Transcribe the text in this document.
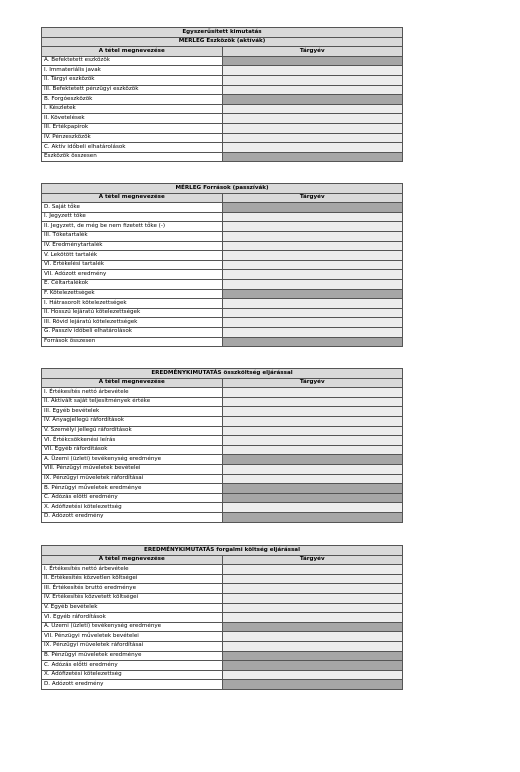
Egyszerűsített kimutatás	
MÉRLEG Eszközök (aktívák)	
A tétel megnevezése	Tárgyév
A. Befektetett eszközök	
I. Immateriális javak	
II. Tárgyi eszközök	
III. Befektetett pénzügyi eszközök	
B. Forgóeszközök	
I. Készletek	
II. Követelések	
III. Értékpapírok	
IV. Pénzeszközök	
C. Aktív időbeli elhatárolások	
Eszközök összesen	
MÉRLEG Források (passzívák)	
A tétel megnevezése	Tárgyév
D. Saját tőke	
I. Jegyzett tőke	
II. Jegyzett, de még be nem fizetett tőke (-)	
III. Tőketartalék	
IV. Eredménytartalék	
V. Lekötött tartalék	
VI. Értékelési tartalék	
VII. Adózott eredmény	
E. Céltartalékok	
F. Kötelezettségek	
I. Hátrasorolt kötelezettségek	
II. Hosszú lejáratú kötelezettségek	
III. Rövid lejáratú kötelezettségek	
G. Passzív időbeli elhatárolások	
Források összesen	
EREDMÉNYKIMUTATÁS összköltség eljárással	
A tétel megnevezése	Tárgyév
I. Értékesítés nettó árbevétele	
II. Aktivált saját teljesítmények értéke	
III. Egyéb bevételek	
IV. Anyagjellegű ráfordítások	
V. Személyi jellegű ráfordítások	
VI. Értékcsökkenési leírás	
VII. Egyéb ráfordítások	
A. Üzemi (üzleti) tevékenység eredménye	
VIII. Pénzügyi műveletek bevételei	
IX. Pénzügyi műveletek ráfordításai	
B. Pénzügyi műveletek eredménye	
C. Adózás előtti eredmény	
X. Adófizetési kötelezettség	
D. Adózott eredmény	
EREDMÉNYKIMUTATÁS forgalmi költség eljárással	
A tétel megnevezése	Tárgyév
I. Értékesítés nettó árbevétele	
II. Értékesítés közvetlen költségei	
III. Értékesítés bruttó eredménye	
IV. Értékesítés közvetett költségei	
V. Egyéb bevételek	
VI. Egyéb ráfordítások	
A. Üzemi (üzleti) tevékenység eredménye	
VII. Pénzügyi műveletek bevételei	
IX. Pénzügyi műveletek ráfordításai	
B. Pénzügyi műveletek eredménye	
C. Adózás előtti eredmény	
X. Adófizetési kötelezettség	
D. Adózott eredmény	
